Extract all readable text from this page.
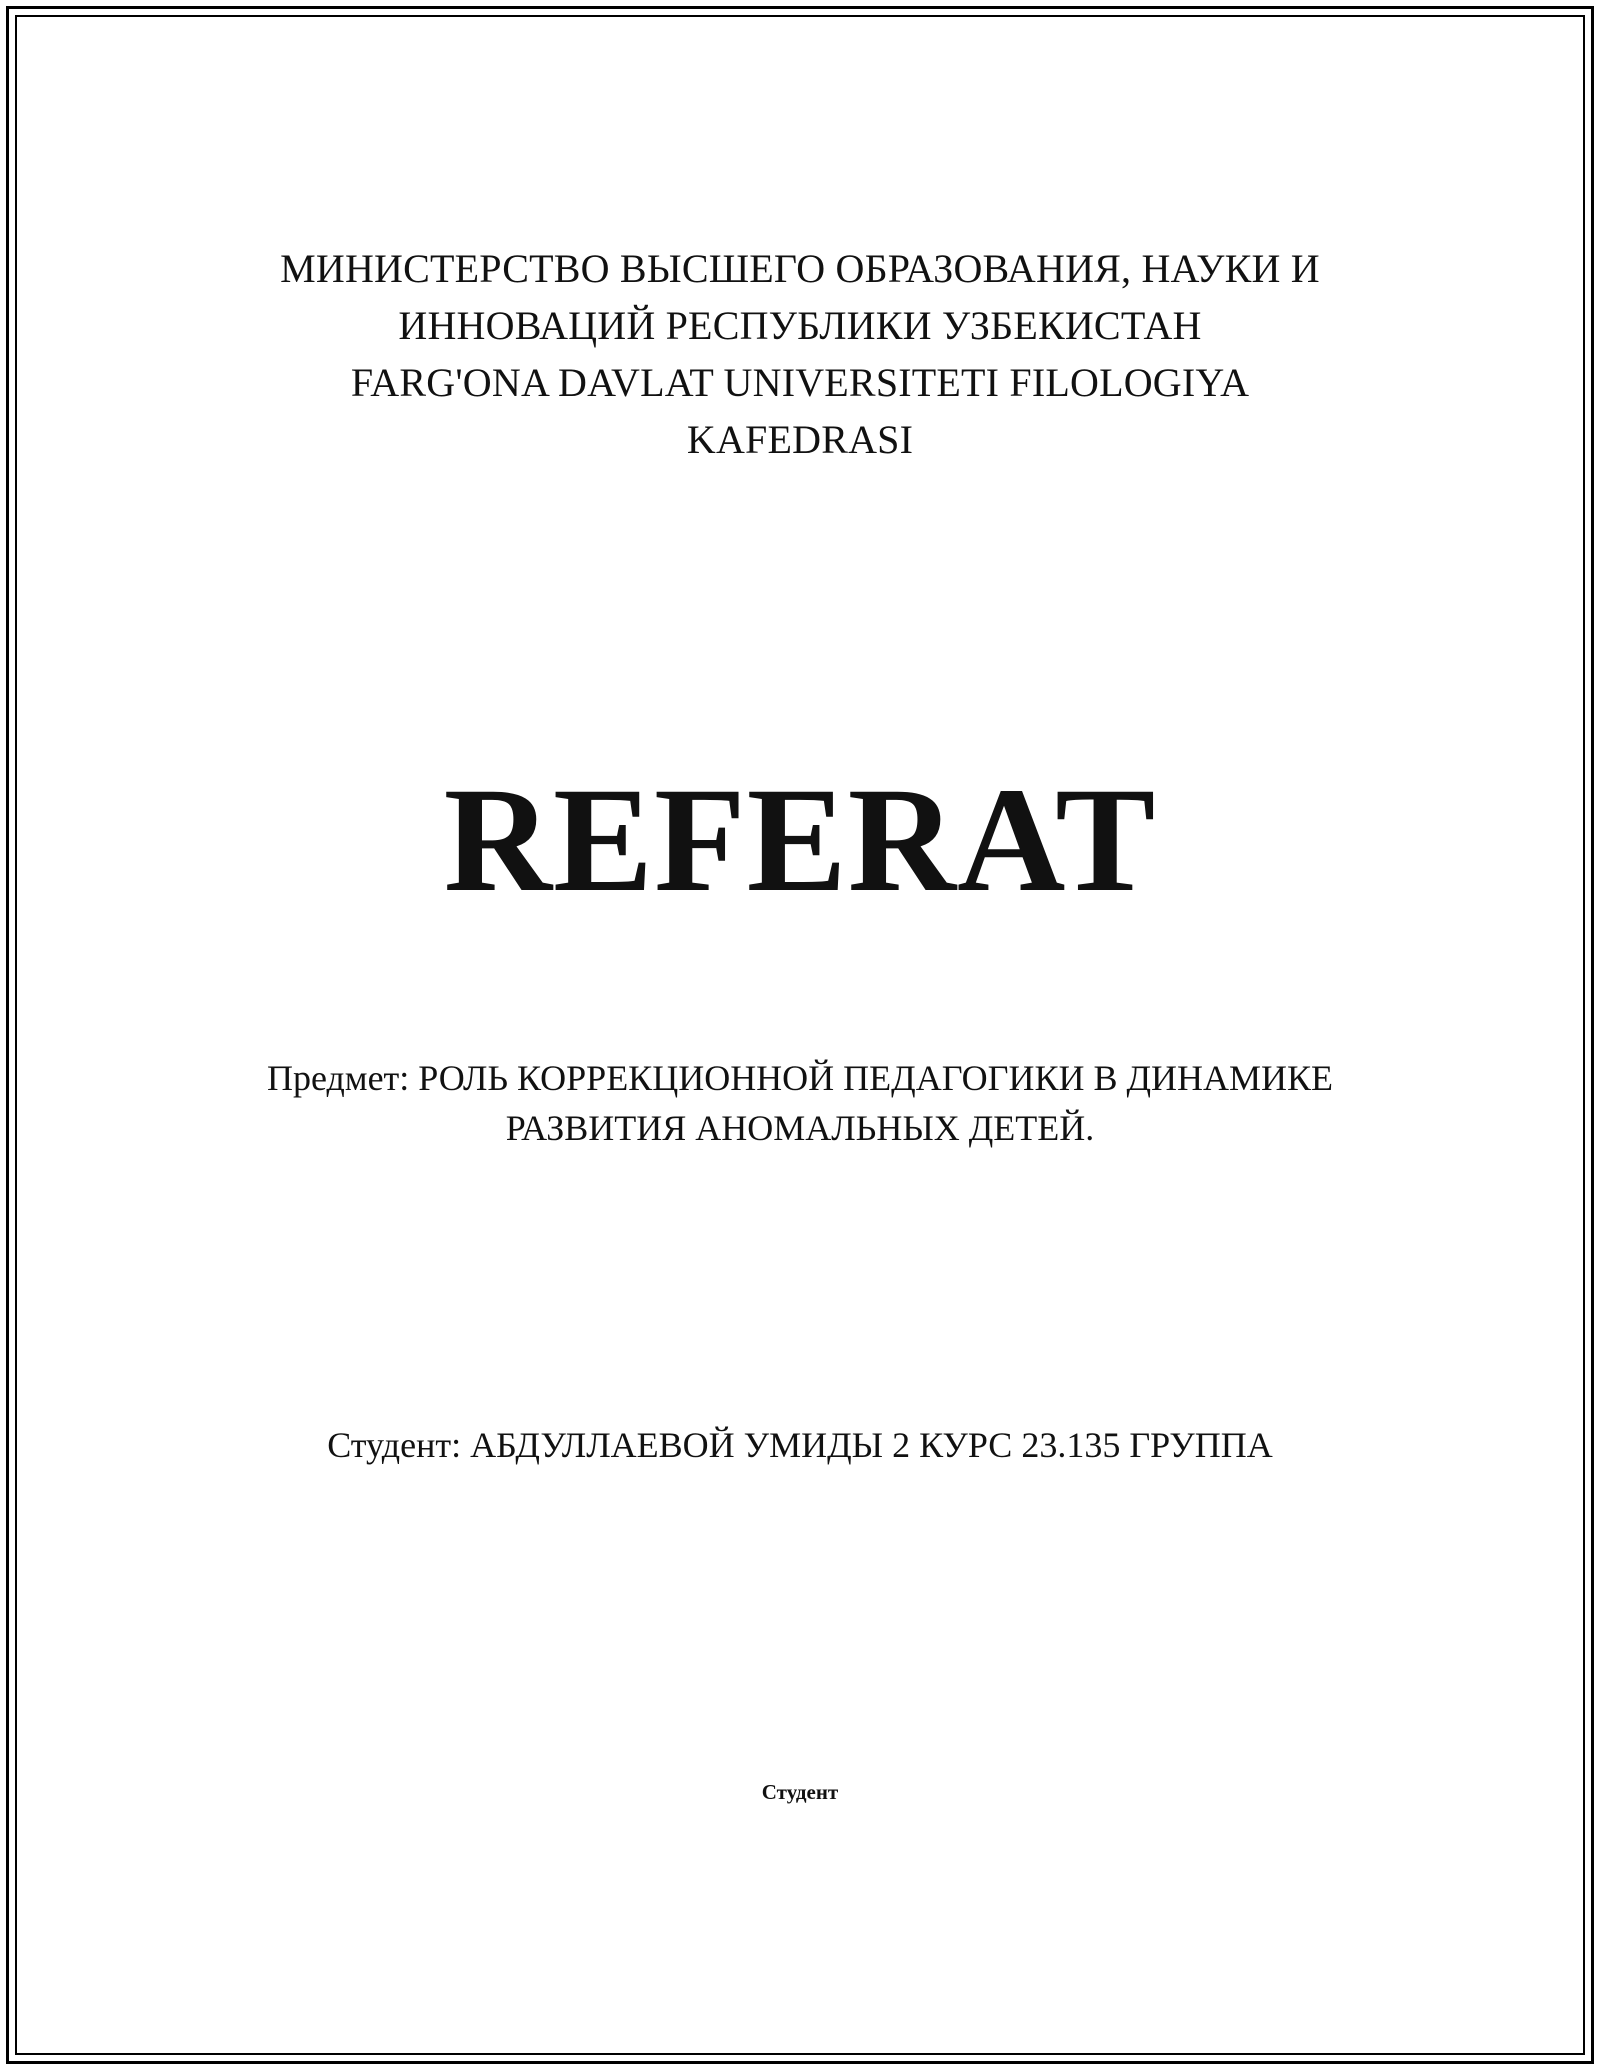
МИНИСТЕРСТВО ВЫСШЕГО ОБРАЗОВАНИЯ, НАУКИ И
ИННОВАЦИЙ РЕСПУБЛИКИ УЗБЕКИСТАН
FARG'ONA DAVLAT UNIVERSITETI FILOLOGIYA
KAFEDRASI
REFERAT
Предмет: РОЛЬ КОРРЕКЦИОННОЙ ПЕДАГОГИКИ В ДИНАМИКЕ
РАЗВИТИЯ АНОМАЛЬНЫХ ДЕТЕЙ.
Студент: АБДУЛЛАЕВОЙ УМИДЫ 2 КУРС 23.135 ГРУППА
Студент
